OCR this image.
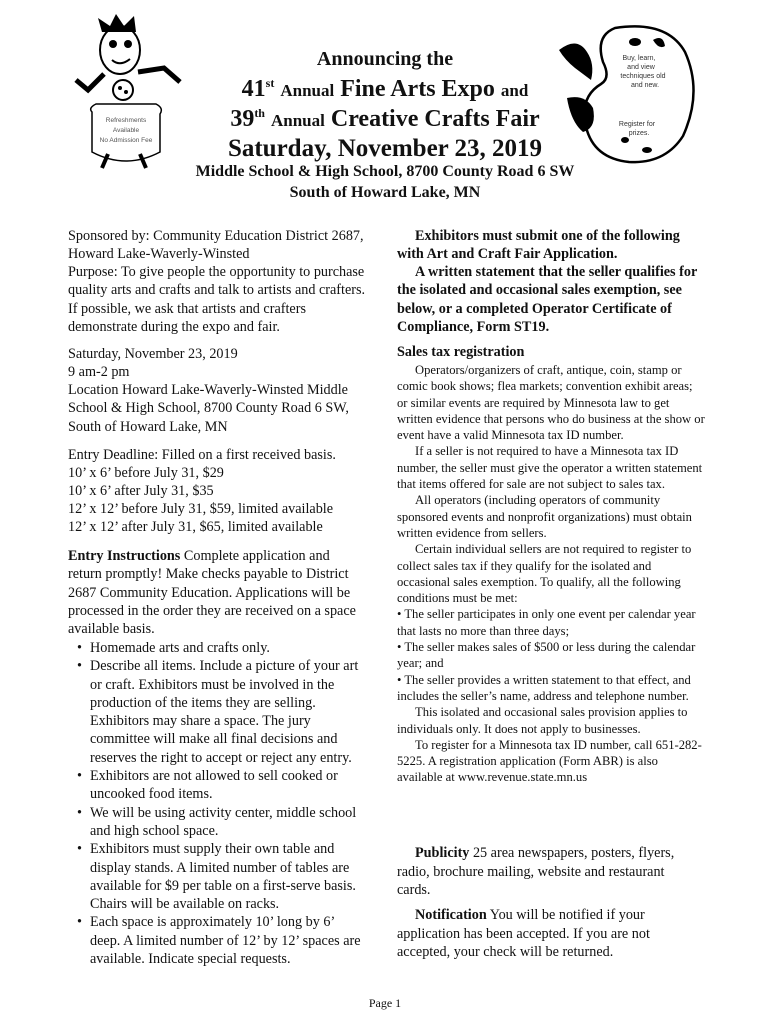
Refreshments
Available
No Admission Fee
Buy, learn,
and view
techniques old
and new.
Register for
prizes.
Announcing the
41st Annual Fine Arts Expo and
39th Annual Creative Crafts Fair
Saturday, November 23, 2019
Middle School & High School, 8700 County Road 6 SW
South of Howard Lake, MN

Sponsored by: Community Education District 2687, Howard Lake-Waverly-Winsted

Purpose: To give people the opportunity to purchase quality arts and crafts and talk to artists and crafters. If possible, we ask that artists and crafters demonstrate during the expo and fair.

Saturday, November 23, 2019

9 am-2 pm

Location Howard Lake-Waverly-Winsted Middle School & High School, 8700 County Road 6 SW, South of Howard Lake, MN

Entry Deadline: Filled on a first received basis.

10’ x 6’ before July 31, $29

10’ x 6’ after July 31, $35

12’ x 12’ before July 31, $59, limited available

12’ x 12’ after July 31, $65, limited available

Entry Instructions Complete application and return promptly! Make checks payable to District 2687 Community Education. Applications will be processed in the order they are received on a space available basis.

• Homemade arts and crafts only.
• Describe all items. Include a picture of your art or craft. Exhibitors must be involved in the production of the items they are selling. Exhibitors may share a space. The jury committee will make all final decisions and reserves the right to accept or reject any entry.
• Exhibitors are not allowed to sell cooked or uncooked food items.
• We will be using activity center, middle school and high school space.
• Exhibitors must supply their own table and display stands. A limited number of tables are available for $9 per table on a first-serve basis. Chairs will be available on racks.
• Each space is approximately 10’ long by 6’ deep. A limited number of 12’ by 12’ spaces are available. Indicate special requests.

Exhibitors must submit one of the following with Art and Craft Fair Application.

A written statement that the seller qualifies for the isolated and occasional sales exemption, see below, or a completed Operator Certificate of Compliance, Form ST19.

Sales tax registration

Operators/organizers of craft, antique, coin, stamp or comic book shows; flea markets; convention exhibit areas; or similar events are required by Minnesota law to get written evidence that persons who do business at the show or event have a valid Minnesota tax ID number.

If a seller is not required to have a Minnesota tax ID number, the seller must give the operator a written statement that items offered for sale are not subject to sales tax.

All operators (including operators of community sponsored events and nonprofit organizations) must obtain written evidence from sellers.

Certain individual sellers are not required to register to collect sales tax if they qualify for the isolated and occasional sales exemption. To qualify, all the following conditions must be met:

• The seller participates in only one event per calendar year that lasts no more than three days;

• The seller makes sales of $500 or less during the calendar year; and

• The seller provides a written statement to that effect, and includes the seller’s name, address and telephone number.

This isolated and occasional sales provision applies to individuals only. It does not apply to businesses.

To register for a Minnesota tax ID number, call 651-282-5225. A registration application (Form ABR) is also available at www.revenue.state.mn.us

Publicity 25 area newspapers, posters, flyers, radio, brochure mailing, website and restaurant cards.

Notification You will be notified if your application has been accepted. If you are not accepted, your check will be returned.

Page 1
